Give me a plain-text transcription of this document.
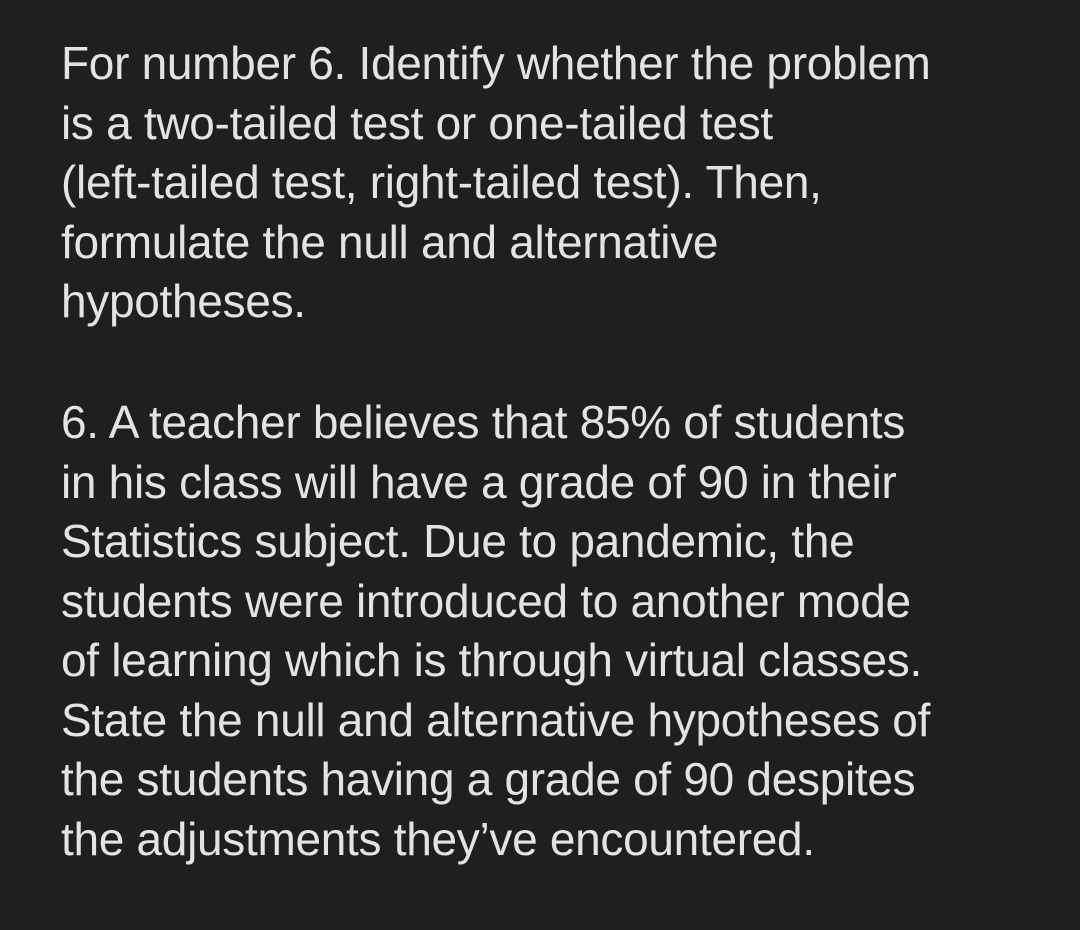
For number 6. Identify whether the problem
is a two-tailed test or one-tailed test
(left-tailed test, right-tailed test). Then,
formulate the null and alternative
hypotheses.
6. A teacher believes that 85% of students
in his class will have a grade of 90 in their
Statistics subject. Due to pandemic, the
students were introduced to another mode
of learning which is through virtual classes.
State the null and alternative hypotheses of
the students having a grade of 90 despites
the adjustments they’ve encountered.
